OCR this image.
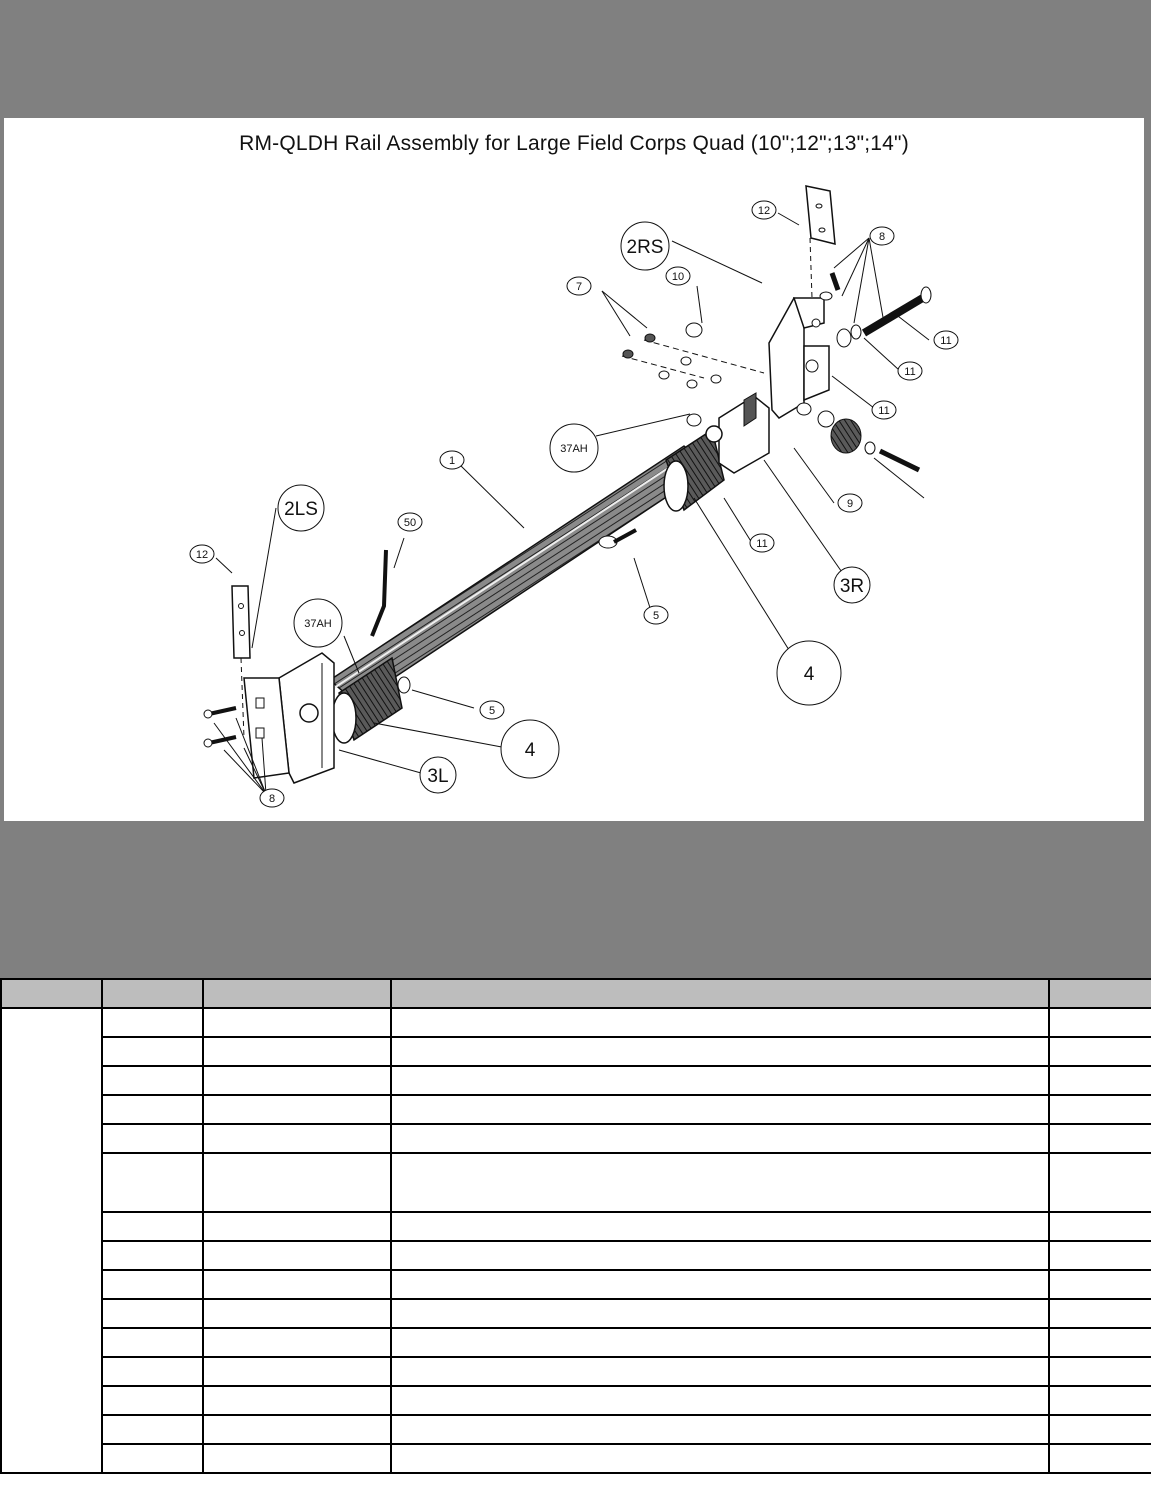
RM-QLDH Rail Assembly for Large Field Corps Quad (10";12";13";14")
12
2RS	8
10
7
11
11
11
37AH
9
1
11
3R
2LS
50
12
5
4
37AH
5
4
3L
8
